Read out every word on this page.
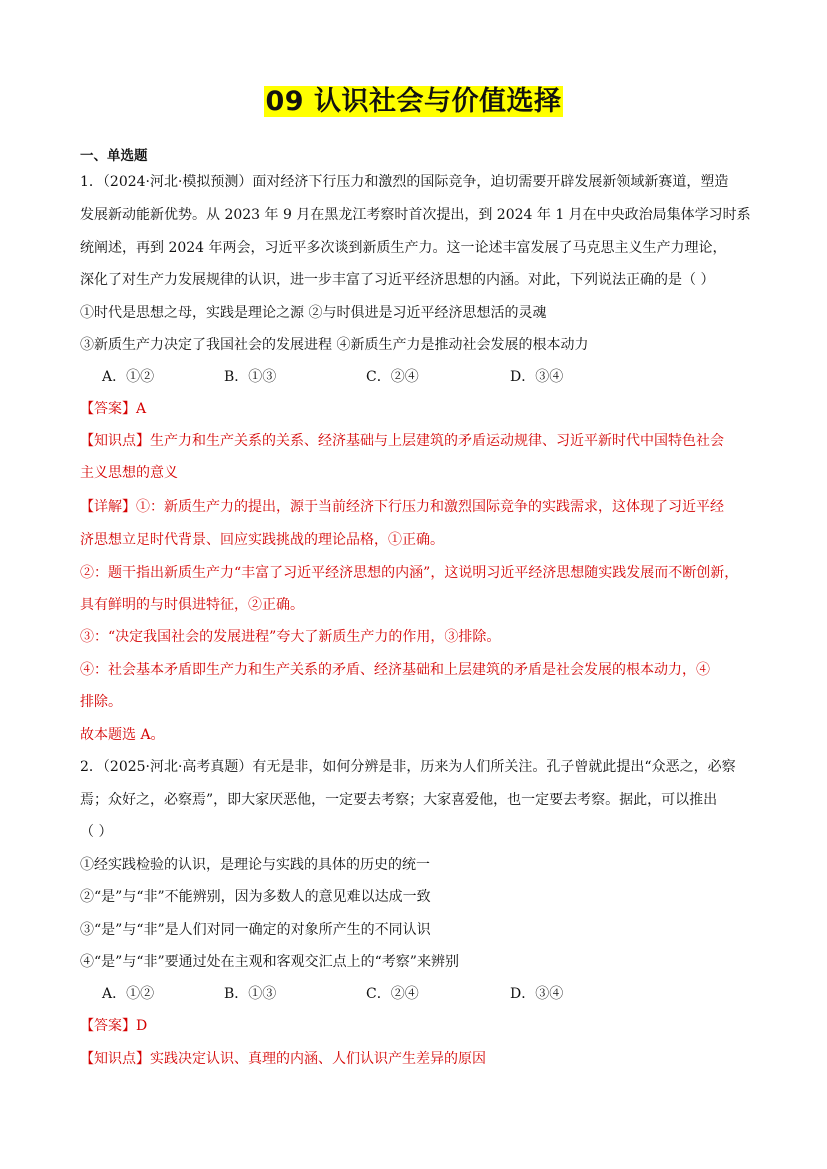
09 认识社会与价值选择
一、单选题
1．（2024·河北·模拟预测）面对经济下行压力和激烈的国际竞争，迫切需要开辟发展新领域新赛道，塑造
发展新动能新优势。从 2023 年 9 月在黑龙江考察时首次提出，到 2024 年 1 月在中央政治局集体学习时系
统阐述，再到 2024 年两会，习近平多次谈到新质生产力。这一论述丰富发展了马克思主义生产力理论，
深化了对生产力发展规律的认识，进一步丰富了习近平经济思想的内涵。对此，下列说法正确的是（ ）
①时代是思想之母，实践是理论之源 ②与时俱进是习近平经济思想活的灵魂
③新质生产力决定了我国社会的发展进程 ④新质生产力是推动社会发展的根本动力
A．①②	B．①③	C．②④	D．③④
【答案】A
【知识点】生产力和生产关系的关系、经济基础与上层建筑的矛盾运动规律、习近平新时代中国特色社会
主义思想的意义
【详解】①：新质生产力的提出，源于当前经济下行压力和激烈国际竞争的实践需求，这体现了习近平经
济思想立足时代背景、回应实践挑战的理论品格，①正确。
②：题干指出新质生产力“丰富了习近平经济思想的内涵”，这说明习近平经济思想随实践发展而不断创新，
具有鲜明的与时俱进特征，②正确。
③：“决定我国社会的发展进程”夸大了新质生产力的作用，③排除。
④：社会基本矛盾即生产力和生产关系的矛盾、经济基础和上层建筑的矛盾是社会发展的根本动力，④
排除。
故本题选 A。
2．（2025·河北·高考真题）有无是非，如何分辨是非，历来为人们所关注。孔子曾就此提出“众恶之，必察
焉；众好之，必察焉”，即大家厌恶他，一定要去考察；大家喜爱他，也一定要去考察。据此，可以推出
（ ）
①经实践检验的认识，是理论与实践的具体的历史的统一
②“是”与“非”不能辨别，因为多数人的意见难以达成一致
③“是”与“非”是人们对同一确定的对象所产生的不同认识
④“是”与“非”要通过处在主观和客观交汇点上的“考察”来辨别
A．①②	B．①③	C．②④	D．③④
【答案】D
【知识点】实践决定认识、真理的内涵、人们认识产生差异的原因
